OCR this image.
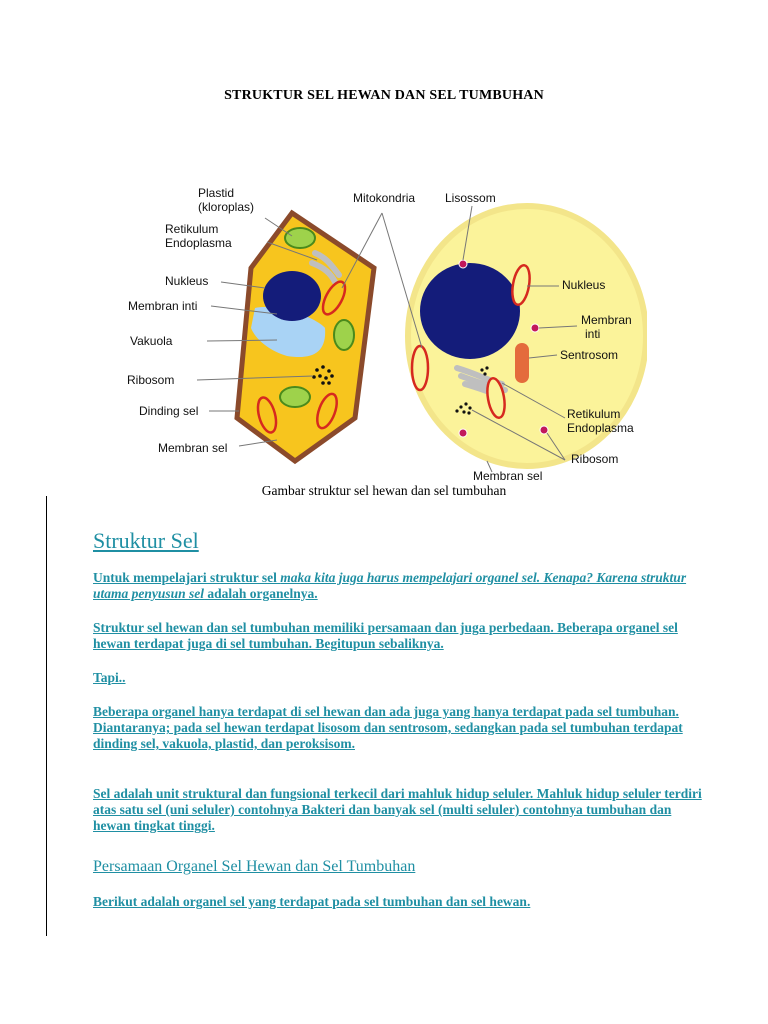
STRUKTUR SEL HEWAN DAN SEL TUMBUHAN
Plastid
(kloroplas)
Retikulum
Endoplasma
Nukleus
Membran inti
Vakuola
Ribosom
Dinding sel
Membran sel
Mitokondria Lisossom
Nukleus
Membran
inti
Sentrosom
Retikulum
Endoplasma
Ribosom
Membran sel
Gambar struktur sel hewan dan sel tumbuhan
Struktur Sel
Untuk mempelajari struktur sel maka kita juga harus mempelajari organel sel. Kenapa? Karena struktur utama penyusun sel adalah organelnya.
Struktur sel hewan dan sel tumbuhan memiliki persamaan dan juga perbedaan. Beberapa organel sel hewan terdapat juga di sel tumbuhan. Begitupun sebaliknya.
Tapi..
Beberapa organel hanya terdapat di sel hewan dan ada juga yang hanya terdapat pada sel tumbuhan. Diantaranya; pada sel hewan terdapat lisosom dan sentrosom, sedangkan pada sel tumbuhan terdapat dinding sel, vakuola, plastid, dan peroksisom.
Sel adalah unit struktural dan fungsional terkecil dari mahluk hidup seluler. Mahluk hidup seluler terdiri atas satu sel (uni seluler) contohnya Bakteri dan banyak sel (multi seluler) contohnya tumbuhan dan hewan tingkat tinggi.
Persamaan Organel Sel Hewan dan Sel Tumbuhan
Berikut adalah organel sel yang terdapat pada sel tumbuhan dan sel hewan.
